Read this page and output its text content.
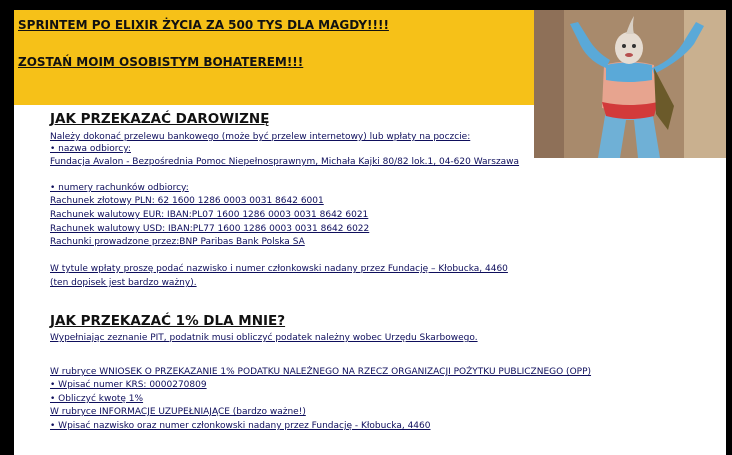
SPRINTEM PO ELIXIR ŻYCIA ZA 500 TYS DLA MAGDY!!!!
ZOSTAŃ MOIM OSOBISTYM BOHATEREM!!!
JAK PRZEKAZAĆ DAROWIZNĘ
Należy dokonać przelewu bankowego (może być przelew internetowy) lub wpłaty na poczcie:
• nazwa odbiorcy:
Fundacja Avalon - Bezpośrednia Pomoc Niepełnosprawnym, Michała Kajki 80/82 lok.1, 04-620 Warszawa
• numery rachunków odbiorcy:
Rachunek złotowy PLN: 62 1600 1286 0003 0031 8642 6001
Rachunek walutowy EUR: IBAN:PL07 1600 1286 0003 0031 8642 6021
Rachunek walutowy USD: IBAN:PL77 1600 1286 0003 0031 8642 6022
Rachunki prowadzone przez:BNP Paribas Bank Polska SA
W tytule wpłaty proszę podać nazwisko i numer członkowski nadany przez Fundację – Kłobucka, 4460
(ten dopisek jest bardzo ważny).
JAK PRZEKAZAĆ 1% DLA MNIE?
Wypełniając zeznanie PIT, podatnik musi obliczyć podatek należny wobec Urzędu Skarbowego.
W rubryce WNIOSEK O PRZEKAZANIE 1% PODATKU NALEŻNEGO NA RZECZ ORGANIZACJI POŻYTKU PUBLICZNEGO (OPP)
• Wpisać numer KRS: 0000270809
• Obliczyć kwotę 1%
W rubryce INFORMACJE UZUPEŁNIAJĄCE (bardzo ważne!)
• Wpisać nazwisko oraz numer członkowski nadany przez Fundację - Kłobucka, 4460
